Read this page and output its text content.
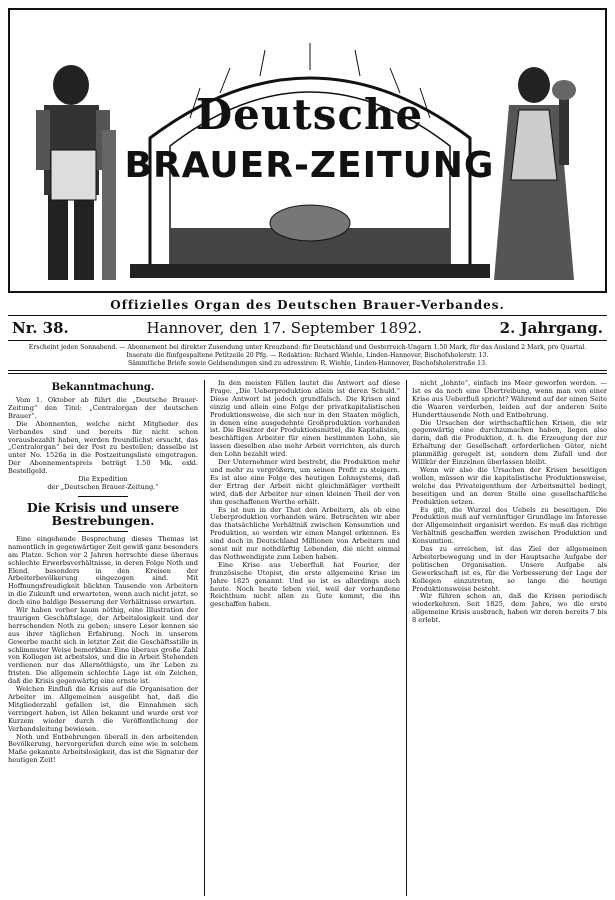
Deutsche
BRAUER-ZEITUNG
Offizielles Organ des Deutschen Brauer-Verbandes.
Nr. 38.	Hannover, den 17. September 1892.	2. Jahrgang.
Erscheint jeden Sonnabend. — Abonnement bei direkter Zusendung unter Kreuzband: für Deutschland und Oesterreich-Ungarn 1.50 Mark, für das Ausland 2 Mark, pro Quartal.
Inserate die fünfgespaltene Petitzeile 20 Pfg. — Redaktion: Richard Wiehle, Linden-Hannover, Bischofsholerstr. 13.
Sämmtliche Briefe sowie Geldsendungen sind zu adressiren: R. Wiehle, Linden-Hannover, Bischofsholerstraße 13.
Bekanntmachung.

Vom 1. Oktober ab führt die „Deutsche Brauer-Zeitung“ den Titel: „Centralorgan der deutschen Brauer“.

Die Abonnenten, welche nicht Mitglieder des Verbandes sind und bereits für nicht schon vorausbezahlt haben, werden freundlichst ersucht, das „Centralorgan“ bei der Post zu bestellen; dasselbe ist unter No. 1526a in die Postzeitungsliste eingetragen. Der Abonnementspreis beträgt 1.50 Mk. exkl. Bestellgeld.

Die Expedition
der „Deutschen Brauer-Zeitung.“
Die Krisis und unsere Bestrebungen.

Eine eingehende Besprechung dieses Themas ist namentlich in gegenwärtiger Zeit gewiß ganz besonders am Platze. Schon vor 2 Jahren herrschte diese überaus schlechte Erwerbsverhältnisse, in deren Folge Noth und Elend, besonders in den Kreisen der Arbeiterbevölkerung eingezogen sind. Mit Hoffnungsfreudigkeit blickten Tausende von Arbeitern in die Zukunft und erwarteten, wenn auch nicht jetzt, so doch eine baldige Besserung der Verhältnisse erwarten.

Wir haben vorher kaum nöthig, eine Illustration der traurigen Geschäftslage, der Arbeitslosigkeit und der herrschenden Noth zu geben; unsere Leser kennen sie aus ihrer täglichen Erfahrung. Noch in unserem Gewerbe macht sich in letzter Zeit die Geschäftsstille in schlimmster Weise bemerkbar. Eine überaus große Zahl von Kollegen ist arbeitslos, und die in Arbeit Stehenden verdienen nur das Allernöthigste, um ihr Leben zu fristen. Die allgemein schlechte Lage ist ein Zeichen, daß die Krisis gegenwärtig eine ernste ist.

Welchen Einfluß die Krisis auf die Organisation der Arbeiter im Allgemeinen ausgeübt hat, daß die Mitgliederzahl gefallen ist, die Einnahmen sich verringert haben, ist Allen bekannt und wurde erst vor Kurzem wieder durch die Veröffentlichung der Verbandsleitung bewiesen.

Noth und Entbehrungen überall in den arbeitenden Bevölkerung, hervorgerufen durch eine wie in solchem Maße gekannte Arbeitslosigkeit, das ist die Signatur der heutigen Zeit!

In den meisten Fällen lautet die Antwort auf diese Frage: „Die Ueberproduktion allein ist deren Schuld.“ Diese Antwort ist jedoch grundfalsch. Die Krisen sind einzig und allein eine Folge der privatkapitalistischen Produktionsweise, die sich nur in den Staaten möglich, in denen eine ausgedehnte Großproduktion vorhanden ist. Die Besitzer der Produktionsmittel, die Kapitalisten, beschäftigen Arbeiter für einen bestimmten Lohn, sie lassen dieselben also mehr Arbeit verrichten, als durch den Lohn bezahlt wird.

Der Unternehmer wird bestrebt, die Produktion mehr und mehr zu vergrößern, um seinen Profit zu steigern. Es ist also eine Folge des heutigen Lohnsystems, daß der Ertrag der Arbeit nicht gleichmäßiger vertheilt wird, daß der Arbeiter nur einen kleinen Theil der von ihm geschaffenen Werthe erhält.

Es ist nun in der That den Arbeitern, als ob eine Ueberproduktion vorhanden wäre. Betrachten wir aber das thatsächliche Verhältniß zwischen Konsumtion und Produktion, so werden wir einen Mangel erkennen. Es sind doch in Deutschland Millionen von Arbeitern und sonst mit nur nothdürftig Lebenden, die nicht einmal das Nothwendigste zum Leben haben.

Eine Krise aus Ueberfluß hat Fourier, der französische Utopist, die erste allgemeine Krise im Jahre 1825 genannt. Und so ist es allerdings auch heute. Noch heute leben viel, weil der vorhandene Reichthum nicht allen zu Gute kommt, die ihn geschaffen haben.

nicht „lohnte“, einfach ins Meer geworfen werden. — Ist es da noch eine Übertreibung, wenn man von einer Krise aus Ueberfluß spricht? Während auf der einen Seite die Waaren verderben, leiden auf der anderen Seite Hunderttausende Noth und Entbehrung.

Die Ursachen der wirthschaftlichen Krisen, die wir gegenwärtig eine durchzumachen haben, liegen also darin, daß die Produktion, d. h. die Erzeugung der zur Erhaltung der Gesellschaft erforderlichen Güter, nicht planmäßig geregelt ist, sondern dem Zufall und der Willkür der Einzelnen überlassen bleibt.

Wenn wir also die Ursachen der Krisen beseitigen wollen, müssen wir die kapitalistische Produktionsweise, welche das Privateigenthum der Arbeitsmittel bedingt, beseitigen und an deren Stelle eine gesellschaftliche Produktion setzen.

Es gilt, die Wurzel des Uebels zu beseitigen. Die Produktion muß auf vernünftiger Grundlage im Interesse der Allgemeinheit organisirt werden. Es muß das richtige Verhältniß geschaffen werden zwischen Produktion und Konsumtion.

Das zu erreichen, ist das Ziel der allgemeinen Arbeiterbewegung und in der Hauptsache Aufgabe der politischen Organisation. Unsere Aufgabe als Gewerkschaft ist es, für die Verbesserung der Lage der Kollegen einzutreten, so lange die heutige Produktionsweise besteht.

Wir führen schon an, daß die Krisen periodisch wiederkehren. Seit 1825, dem Jahre, wo die erste allgemeine Krisis ausbrach, haben wir deren bereits 7 bis 8 erlebt.
